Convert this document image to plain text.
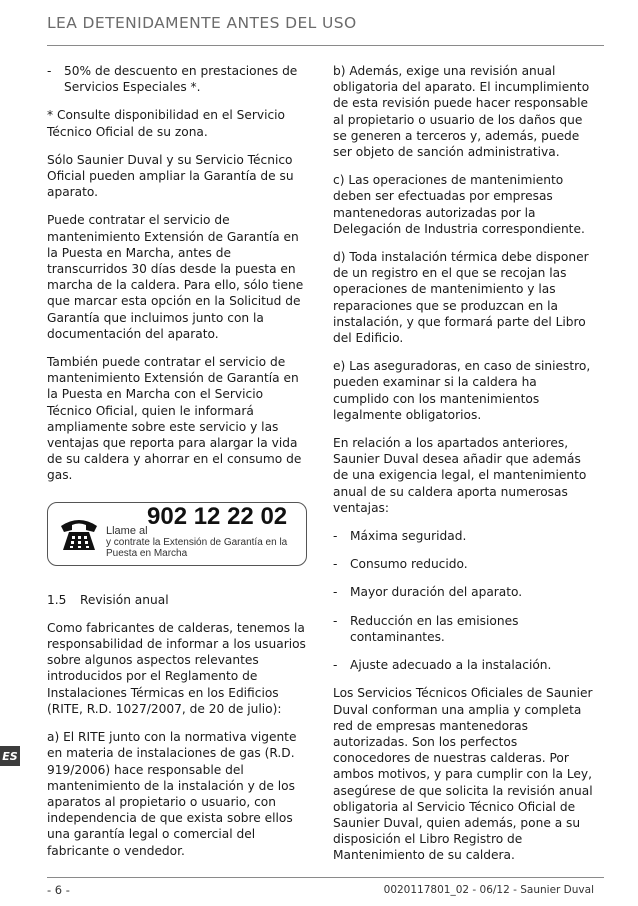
LEA DETENIDAMENTE ANTES DEL USO
-	50% de descuento en prestaciones de Servicios Especiales *.

* Consulte disponibilidad en el Servicio Técnico Oficial de su zona.

Sólo Saunier Duval y su Servicio Técnico Oficial pueden ampliar la Garantía de su aparato.

Puede contratar el servicio de mantenimiento Extensión de Garantía en la Puesta en Marcha, antes de transcurridos 30 días desde la puesta en marcha de la caldera. Para ello, sólo tiene que marcar esta opción en la Solicitud de Garantía que incluimos junto con la documentación del aparato.

También puede contratar el servicio de mantenimiento Extensión de Garantía en la Puesta en Marcha con el Servicio Técnico Oficial, quien le informará ampliamente sobre este servicio y las ventajas que reporta para alargar la vida de su caldera y ahorrar en el consumo de gas.

Llame al
902 12 22 02
y contrate la Extensión de Garantía en la Puesta en Marcha
1.5	Revisión anual

Como fabricantes de calderas, tenemos la responsabilidad de informar a los usuarios sobre algunos aspectos relevantes introducidos por el Reglamento de Instalaciones Térmicas en los Edificios (RITE, R.D. 1027/2007, de 20 de julio):

a) El RITE junto con la normativa vigente en materia de instalaciones de gas (R.D. 919/2006) hace responsable del mantenimiento de la instalación y de los aparatos al propietario o usuario, con independencia de que exista sobre ellos una garantía legal o comercial del fabricante o vendedor.

b) Además, exige una revisión anual obligatoria del aparato. El incumplimiento de esta revisión puede hacer responsable al propietario o usuario de los daños que se generen a terceros y, además, puede ser objeto de sanción administrativa.

c) Las operaciones de mantenimiento deben ser efectuadas por empresas mantenedoras autorizadas por la Delegación de Industria correspondiente.

d) Toda instalación térmica debe disponer de un registro en el que se recojan las operaciones de mantenimiento y las reparaciones que se produzcan en la instalación, y que formará parte del Libro del Edificio.

e) Las aseguradoras, en caso de siniestro, pueden examinar si la caldera ha cumplido con los mantenimientos legalmente obligatorios.

En relación a los apartados anteriores, Saunier Duval desea añadir que además de una exigencia legal, el mantenimiento anual de su caldera aporta numerosas ventajas:

-	Máxima seguridad.
-	Consumo reducido.
-	Mayor duración del aparato.
-	Reducción en las emisiones contaminantes.
-	Ajuste adecuado a la instalación.

Los Servicios Técnicos Oficiales de Saunier Duval conforman una amplia y completa red de empresas mantenedoras autorizadas. Son los perfectos conocedores de nuestras calderas. Por ambos motivos, y para cumplir con la Ley, asegúrese de que solicita la revisión anual obligatoria al Servicio Técnico Oficial de Saunier Duval, quien además, pone a su disposición el Libro Registro de Mantenimiento de su caldera.

ES
- 6 -	0020117801_02 - 06/12 - Saunier Duval
